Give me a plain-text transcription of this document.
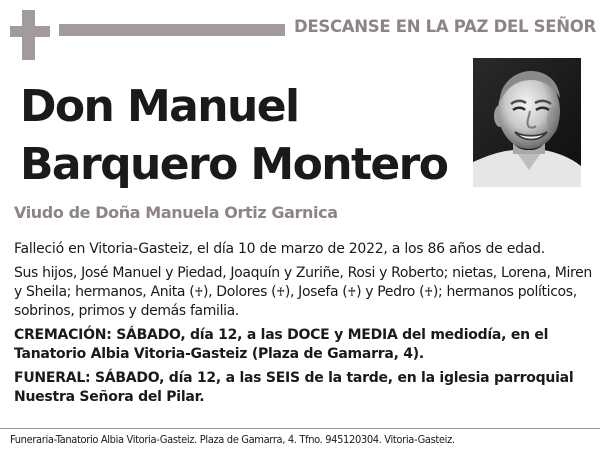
DESCANSE EN LA PAZ DEL SEÑOR
Don Manuel
Barquero Montero
Viudo de Doña Manuela Ortiz Garnica

Falleció en Vitoria-Gasteiz, el día 10 de marzo de 2022, a los 86 años de edad.

Sus hijos, José Manuel y Piedad, Joaquín y Zuriñe, Rosi y Roberto; nietas, Lorena, Miren y Sheila; hermanos, Anita (♰), Dolores (♰), Josefa (♰) y Pedro (♰); hermanos políticos, sobrinos, primos y demás familia.

CREMACIÓN: SÁBADO, día 12, a las DOCE y MEDIA del mediodía, en el Tanatorio Albia Vitoria-Gasteiz (Plaza de Gamarra, 4).

FUNERAL: SÁBADO, día 12, a las SEIS de la tarde, en la iglesia parroquial Nuestra Señora del Pilar.

Funeraria-Tanatorio Albia Vitoria-Gasteiz. Plaza de Gamarra, 4. Tfno. 945120304. Vitoria-Gasteiz.
